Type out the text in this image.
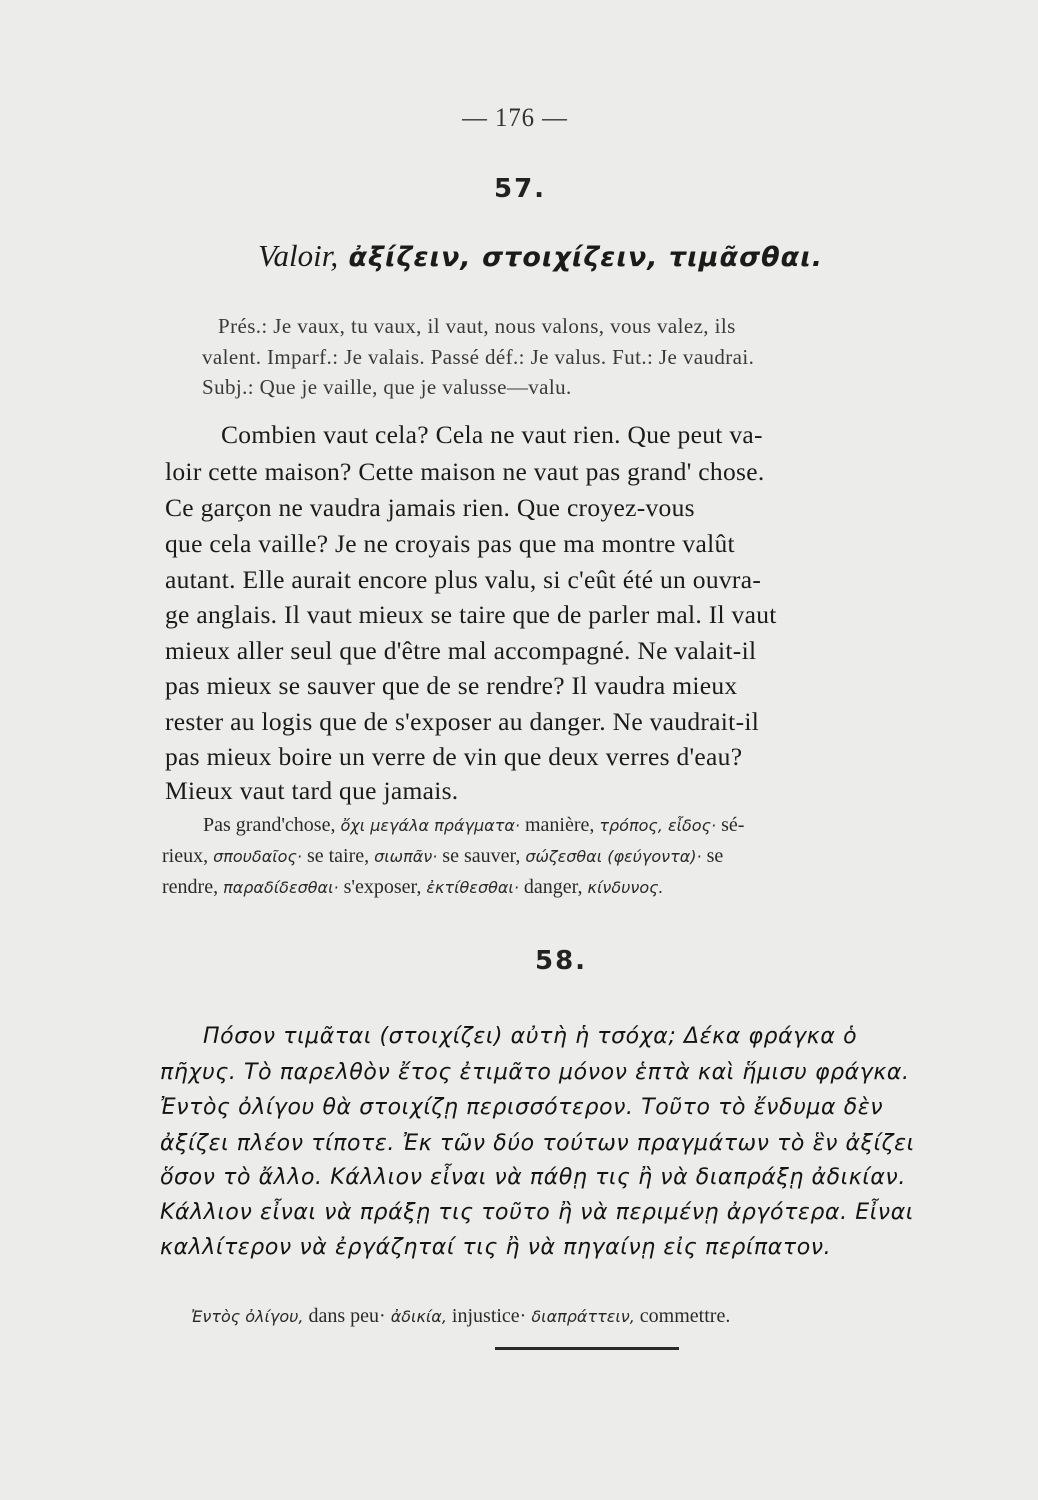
— 176 —
57.
Valoir, ἀξίζειν, στοιχίζειν, τιμᾶσθαι.
Prés.: Je vaux, tu vaux, il vaut, nous valons, vous valez, ils
valent. Imparf.: Je valais. Passé déf.: Je valus. Fut.: Je vaudrai.
Subj.: Que je vaille, que je valusse—valu.
Combien vaut cela? Cela ne vaut rien. Que peut va-
loir cette maison? Cette maison ne vaut pas grand' chose.
Ce garçon ne vaudra jamais rien. Que croyez-vous
que cela vaille? Je ne croyais pas que ma montre valût
autant. Elle aurait encore plus valu, si c'eût été un ouvra-
ge anglais. Il vaut mieux se taire que de parler mal. Il vaut
mieux aller seul que d'être mal accompagné. Ne valait-il
pas mieux se sauver que de se rendre? Il vaudra mieux
rester au logis que de s'exposer au danger. Ne vaudrait-il
pas mieux boire un verre de vin que deux verres d'eau?
Mieux vaut tard que jamais.
Pas grand'chose, ὄχι μεγάλα πράγματα· manière, τρόπος, εἶδος· sé-
rieux, σπουδαῖος· se taire, σιωπᾶν· se sauver, σώζεσθαι (φεύγοντα)· se
rendre, παραδίδεσθαι· s'exposer, ἐκτίθεσθαι· danger, κίνδυνος.
58.
Πόσον τιμᾶται (στοιχίζει) αὐτὴ ἡ τσόχα; Δέκα φράγκα ὁ
πῆχυς. Τὸ παρελθὸν ἔτος ἐτιμᾶτο μόνον ἑπτὰ καὶ ἥμισυ φράγκα.
Ἐντὸς ὀλίγου θὰ στοιχίζῃ περισσότερον. Τοῦτο τὸ ἔνδυμα δὲν
ἀξίζει πλέον τίποτε. Ἐκ τῶν δύο τούτων πραγμάτων τὸ ἓν ἀξίζει
ὅσον τὸ ἄλλο. Κάλλιον εἶναι νὰ πάθῃ τις ἢ νὰ διαπράξῃ ἀδικίαν.
Κάλλιον εἶναι νὰ πράξῃ τις τοῦτο ἢ νὰ περιμένῃ ἀργότερα. Εἶναι
καλλίτερον νὰ ἐργάζηταί τις ἢ νὰ πηγαίνῃ εἰς περίπατον.
Ἐντὸς ὀλίγου, dans peu· ἀδικία, injustice· διαπράττειν, commettre.
